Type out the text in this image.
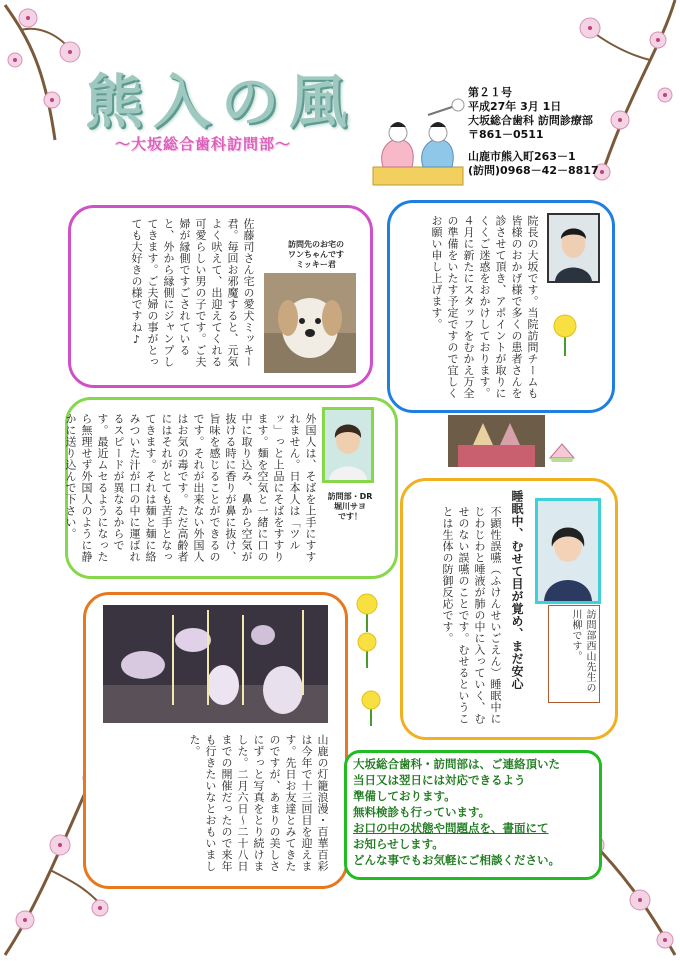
熊入の風
～大坂総合歯科訪問部～
第２１号
平成27年 3月 1日
大坂総合歯科 訪問診療部
〒861－0511
山鹿市熊入町263－1
(訪問)0968－42－8817
佐藤司さん宅の愛犬ミッキー君。毎回お邪魔すると、元気よく吠えて、出迎えてくれる可愛らしい男の子です。ご夫婦が縁側ですごされていると、外から縁側にジャンプしてきます。ご夫婦の事がとっても大好きの様ですね♪	訪問先のお宅の
ワンちゃんです
ミッキー君	院長の大坂です。当院訪問チームも皆様のおかげ様で多くの患者さんを診させて頂き、アポイントが取りにくくご迷惑をおかけしております。４月に新たにスタッフをむかえ万全の準備をいたす予定ですので宜しくお願い申し上げます。
外国人は、そばを上手にすすれません。日本人は「ツルッ」っと上品にそばをすすります。麺を空気と一緒に口の中に取り込み、鼻から空気が抜ける時に香りが鼻に抜け、旨味を感じることができるのです。それが出来ない外国人はお気の毒です。ただ高齢者にはそれがとても苦手となってきます。それは麺と麺に絡みついた汁が口の中に運ばれるスピードが異なるからです。最近ムセるようになったら無理せず外国人のように静かに送り込んで下さい。	訪問部・DR
堀川サヨ
です！	睡眠中、むせて目が覚め、まだ安心
不顕性誤嚥（ふけんせいごえん）睡眠中にじわじわと唾液が肺の中に入っていく、むせのない誤嚥のことです。むせるということは生体の防御反応です。
訪問部西山先生の川柳です。
山鹿の灯籠浪漫・百華百彩は今年で十三回目を迎えます。先日お友達とみてきたのですが、あまりの美しさにずっと写真をとり続けました。二月六日～二十八日までの開催だったので来年も行きたいなとおもいました。
大坂総合歯科・訪問部は、ご連絡頂いた
当日又は翌日には対応できるよう
準備しております。
無料検診も行っています。
お口の中の状態や問題点を、書面にて
お知らせします。
どんな事でもお気軽にご相談ください。
